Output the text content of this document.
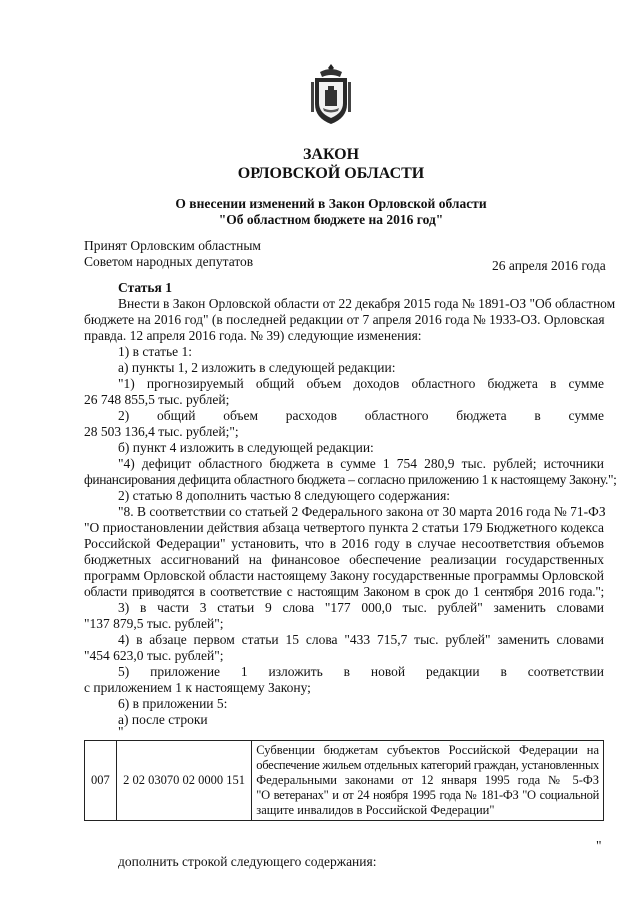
ЗАКОН
ОРЛОВСКОЙ ОБЛАСТИ
О внесении изменений в Закон Орловской области
"Об областном бюджете на 2016 год"
Принят Орловским областным
Советом народных депутатов	26 апреля 2016 года
Статья 1
Внести в Закон Орловской области от 22 декабря 2015 года № 1891-ОЗ "Об областном
бюджете на 2016 год" (в последней редакции от 7 апреля 2016 года № 1933-ОЗ. Орловская
правда. 12 апреля 2016 года. № 39) следующие изменения:
1) в статье 1:
а) пункты 1, 2 изложить в следующей редакции:
"1) прогнозируемый общий объем доходов областного бюджета в сумме
26 748 855,5 тыс. рублей;
2) общий объем расходов областного бюджета в сумме
28 503 136,4 тыс. рублей;";
б) пункт 4 изложить в следующей редакции:
"4) дефицит областного бюджета в сумме 1 754 280,9 тыс. рублей; источники
финансирования дефицита областного бюджета – согласно приложению 1 к настоящему Закону.";
2) статью 8 дополнить частью 8 следующего содержания:
"8. В соответствии со статьей 2 Федерального закона от 30 марта 2016 года № 71-ФЗ
"О приостановлении действия абзаца четвертого пункта 2 статьи 179 Бюджетного кодекса
Российской Федерации" установить, что в 2016 году в случае несоответствия объемов
бюджетных ассигнований на финансовое обеспечение реализации государственных
программ Орловской области настоящему Закону государственные программы Орловской
области приводятся в соответствие с настоящим Законом в срок до 1 сентября 2016 года.";
3) в части 3 статьи 9 слова "177 000,0 тыс. рублей" заменить словами
"137 879,5 тыс. рублей";
4) в абзаце первом статьи 15 слова "433 715,7 тыс. рублей" заменить словами
"454 623,0 тыс. рублей";
5) приложение 1 изложить в новой редакции в соответствии
с приложением 1 к настоящему Закону;
6) в приложении 5:
а) после строки
"
007	2 02 03070 02 0000 151	
Субвенции бюджетам субъектов Российской Федерации на
обеспечение жильем отдельных категорий граждан, установленных
Федеральными законами от 12 января 1995 года № 5-ФЗ
"О ветеранах" и от 24 ноября 1995 года № 181-ФЗ "О социальной
защите инвалидов в Российской Федерации"
"
дополнить строкой следующего содержания:
